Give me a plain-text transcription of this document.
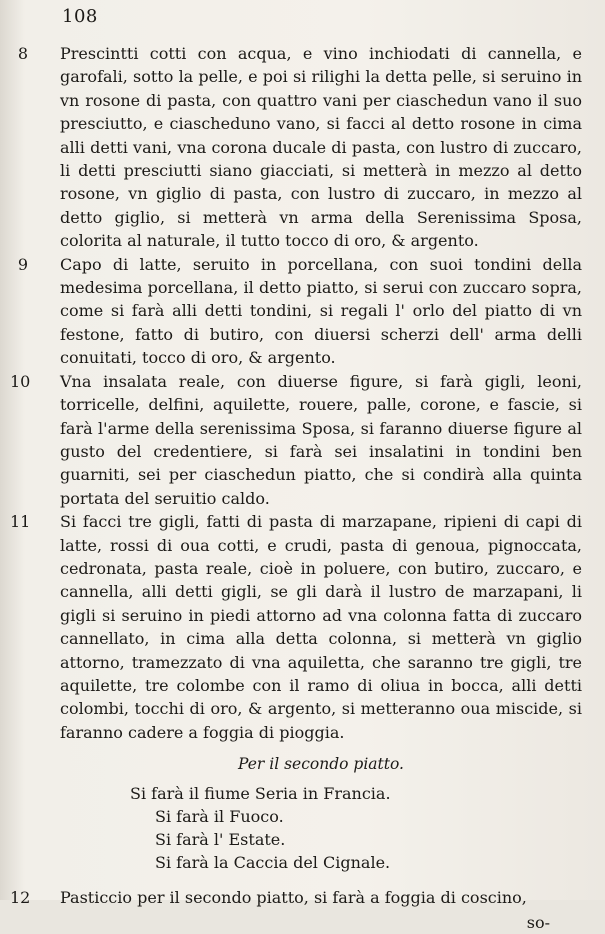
108
8 Prescintti cotti con acqua, e vino inchiodati di cannella, e garofali, sotto la pelle, e poi si rilighi la detta pelle, si seruino in vn rosone di pasta, con quattro vani per ciaschedun vano il suo presciutto, e ciascheduno vano, si facci al detto rosone in cima alli detti vani, vna corona ducale di pasta, con lustro di zuccaro, li detti presciutti siano giacciati, si metterà in mezzo al detto rosone, vn giglio di pasta, con lustro di zuccaro, in mezzo al detto giglio, si metterà vn arma della Serenissima Sposa, colorita al naturale, il tutto tocco di oro, & argento.
9 Capo di latte, seruito in porcellana, con suoi tondini della medesima porcellana, il detto piatto, si serui con zuccaro sopra, come si farà alli detti tondini, si regali l' orlo del piatto di vn festone, fatto di butiro, con diuersi scherzi dell' arma delli conuitati, tocco di oro, & argento.
10 Vna insalata reale, con diuerse figure, si farà gigli, leoni, torricelle, delfini, aquilette, rouere, palle, corone, e fascie, si farà l'arme della serenissima Sposa, si faranno diuerse figure al gusto del credentiere, si farà sei insalatini in tondini ben guarniti, sei per ciaschedun piatto, che si condirà alla quinta portata del seruitio caldo.
11 Si facci tre gigli, fatti di pasta di marzapane, ripieni di capi di latte, rossi di oua cotti, e crudi, pasta di genoua, pignoccata, cedronata, pasta reale, cioè in poluere, con butiro, zuccaro, e cannella, alli detti gigli, se gli darà il lustro de marzapani, li gigli si seruino in piedi attorno ad vna colonna fatta di zuccaro cannellato, in cima alla detta colonna, si metterà vn giglio attorno, tramezzato di vna aquiletta, che saranno tre gigli, tre aquilette, tre colombe con il ramo di oliua in bocca, alli detti colombi, tocchi di oro, & argento, si metteranno oua miscide, si faranno cadere a foggia di pioggia.
Per il secondo piatto.
Si farà il fiume Seria in Francia.
Si farà il Fuoco.
Si farà l' Estate.
Si farà la Caccia del Cignale.
12 Pasticcio per il secondo piatto, si farà a foggia di coscino,
so-
